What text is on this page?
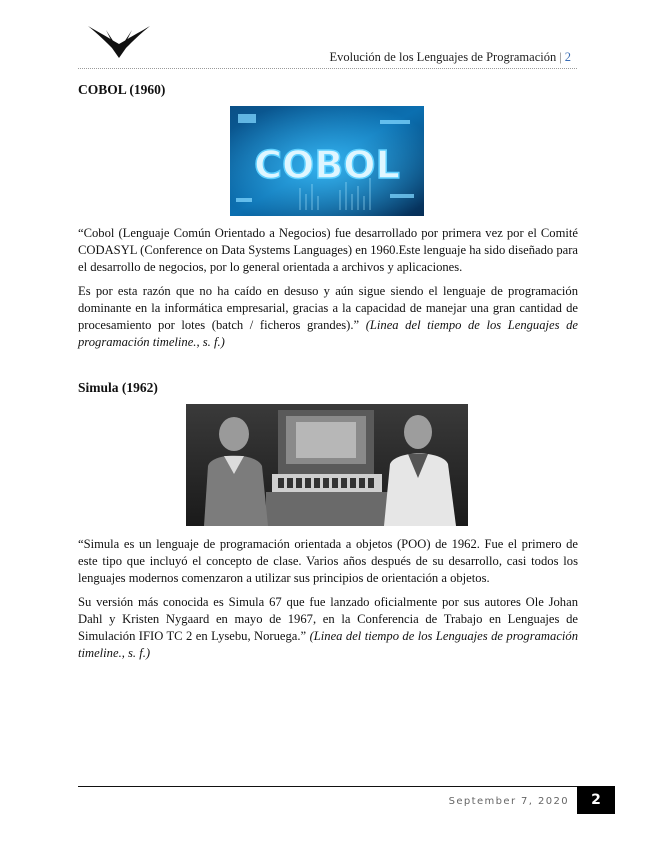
Evolución de los Lenguajes de Programación | 2
COBOL (1960)
COBOL

“Cobol (Lenguaje Común Orientado a Negocios) fue desarrollado por primera vez por el Comité CODASYL (Conference on Data Systems Languages) en 1960.Este lenguaje ha sido diseñado para el desarrollo de negocios, por lo general orientada a archivos y aplicaciones.

Es por esta razón que no ha caído en desuso y aún sigue siendo el lenguaje de programación dominante en la informática empresarial, gracias a la capacidad de manejar una gran cantidad de procesamiento por lotes (batch / ficheros grandes).” (Linea del tiempo de los Lenguajes de programación timeline., s. f.)

Simula (1962)

“Simula es un lenguaje de programación orientada a objetos (POO) de 1962. Fue el primero de este tipo que incluyó el concepto de clase. Varios años después de su desarrollo, casi todos los lenguajes modernos comenzaron a utilizar sus principios de orientación a objetos.

Su versión más conocida es Simula 67 que fue lanzado oficialmente por sus autores Ole Johan Dahl y Kristen Nygaard en mayo de 1967, en la Conferencia de Trabajo en Lenguajes de Simulación IFIO TC 2 en Lysebu, Noruega.” (Linea del tiempo de los Lenguajes de programación timeline., s. f.)

September 7, 2020	2
